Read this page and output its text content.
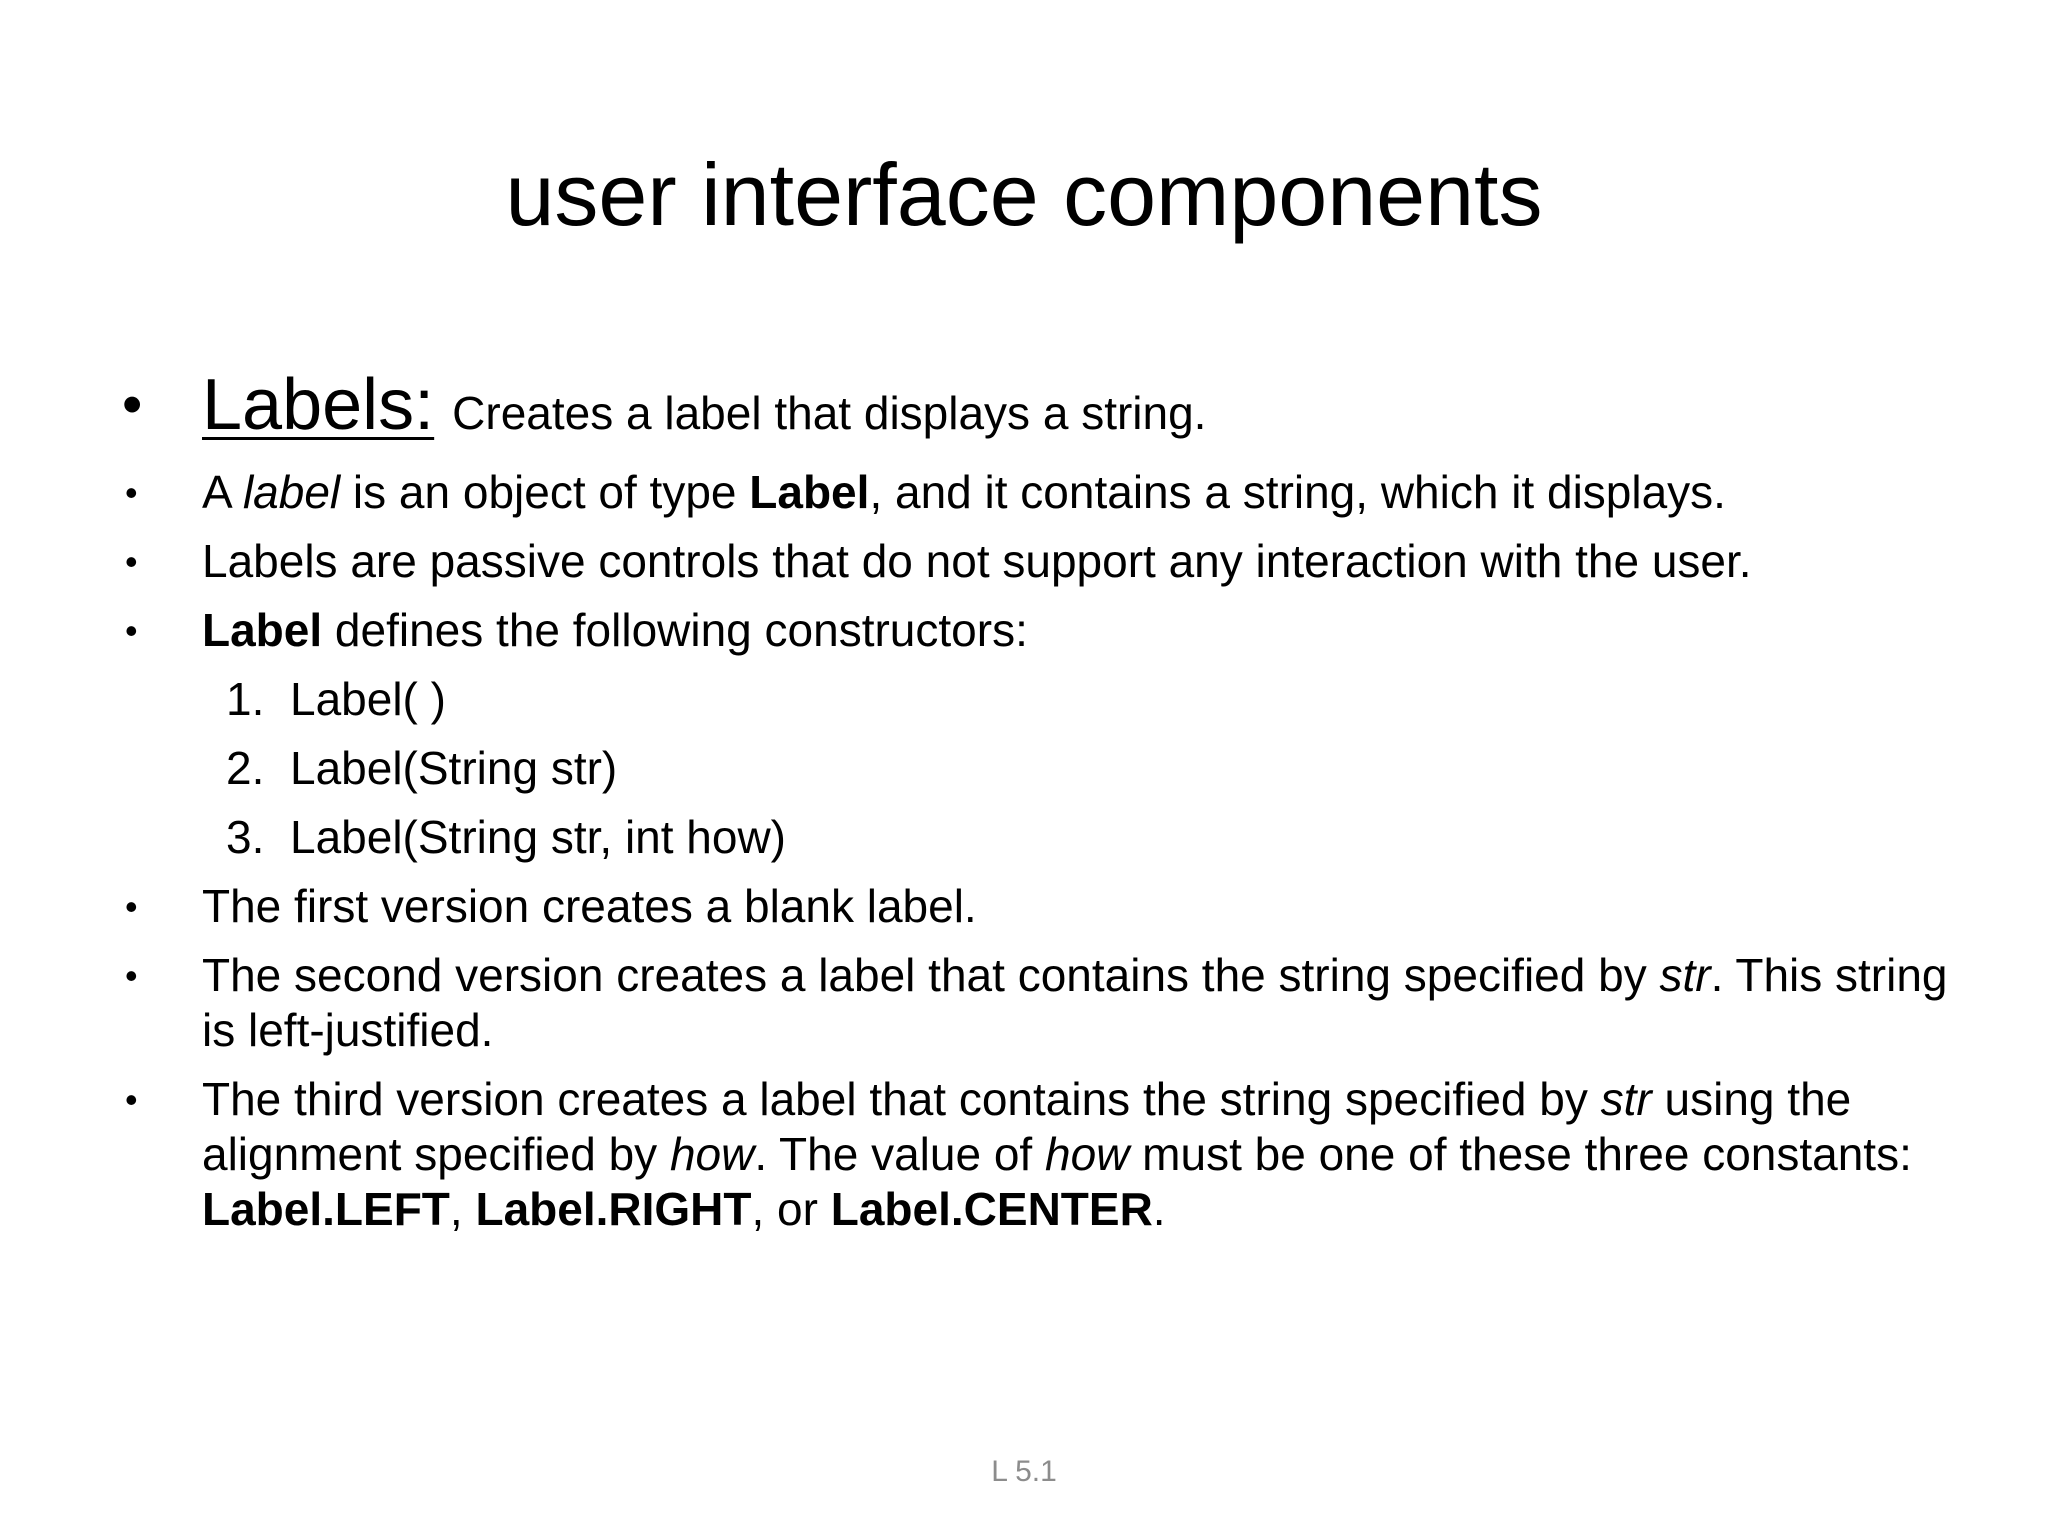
user interface components
• Labels: Creates a label that displays a string.
• A label is an object of type Label, and it contains a string, which it displays.
• Labels are passive controls that do not support any interaction with the user.
• Label defines the following constructors:
1. Label( )
2. Label(String str)
3. Label(String str, int how)
• The first version creates a blank label.
• The second version creates a label that contains the string specified by str. This string is left-justified.
• The third version creates a label that contains the string specified by str using the alignment specified by how. The value of how must be one of these three constants: Label.LEFT, Label.RIGHT, or Label.CENTER.
L 5.1
